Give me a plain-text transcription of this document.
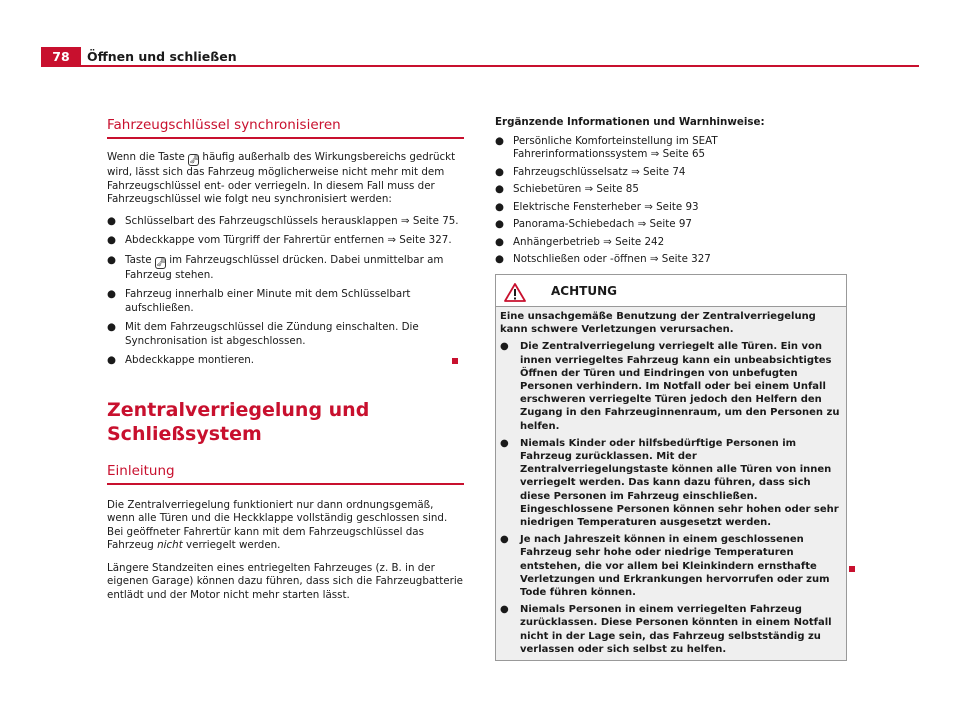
78	Öffnen und schließen
Fahrzeugschlüssel synchronisieren

Wenn die Taste 🗝 häufig außerhalb des Wirkungsbereichs gedrückt wird, lässt sich das Fahrzeug möglicherweise nicht mehr mit dem Fahrzeugschlüssel ent- oder verriegeln. In diesem Fall muss der Fahrzeugschlüssel wie folgt neu synchronisiert werden:

● Schlüsselbart des Fahrzeugschlüssels herausklappen ⇒ Seite 75.
● Abdeckkappe vom Türgriff der Fahrertür entfernen ⇒ Seite 327.
● Taste 🗝 im Fahrzeugschlüssel drücken. Dabei unmittelbar am Fahrzeug stehen.
● Fahrzeug innerhalb einer Minute mit dem Schlüsselbart aufschließen.
● Mit dem Fahrzeugschlüssel die Zündung einschalten. Die Synchronisation ist abgeschlossen.
● Abdeckkappe montieren.
Zentralverriegelung und Schließsystem
Einleitung

Die Zentralverriegelung funktioniert nur dann ordnungsgemäß, wenn alle Türen und die Heckklappe vollständig geschlossen sind. Bei geöffneter Fahrertür kann mit dem Fahrzeugschlüssel das Fahrzeug nicht verriegelt werden.

Längere Standzeiten eines entriegelten Fahrzeuges (z. B. in der eigenen Garage) können dazu führen, dass sich die Fahrzeugbatterie entlädt und der Motor nicht mehr starten lässt.

Ergänzende Informationen und Warnhinweise:
● Persönliche Komforteinstellung im SEAT Fahrerinformationssystem ⇒ Seite 65
● Fahrzeugschlüsselsatz ⇒ Seite 74
● Schiebetüren ⇒ Seite 85
● Elektrische Fensterheber ⇒ Seite 93
● Panorama-Schiebedach ⇒ Seite 97
● Anhängerbetrieb ⇒ Seite 242
● Notschließen oder -öffnen ⇒ Seite 327
ACHTUNG

Eine unsachgemäße Benutzung der Zentralverriegelung kann schwere Verletzungen verursachen.

● Die Zentralverriegelung verriegelt alle Türen. Ein von innen verriegeltes Fahrzeug kann ein unbeabsichtigtes Öffnen der Türen und Eindringen von unbefugten Personen verhindern. Im Notfall oder bei einem Unfall erschweren verriegelte Türen jedoch den Helfern den Zugang in den Fahrzeuginnenraum, um den Personen zu helfen.
● Niemals Kinder oder hilfsbedürftige Personen im Fahrzeug zurücklassen. Mit der Zentralverriegelungstaste können alle Türen von innen verriegelt werden. Das kann dazu führen, dass sich diese Personen im Fahrzeug einschließen. Eingeschlossene Personen können sehr hohen oder sehr niedrigen Temperaturen ausgesetzt werden.
● Je nach Jahreszeit können in einem geschlossenen Fahrzeug sehr hohe oder niedrige Temperaturen entstehen, die vor allem bei Kleinkindern ernsthafte Verletzungen und Erkrankungen hervorrufen oder zum Tode führen können.
● Niemals Personen in einem verriegelten Fahrzeug zurücklassen. Diese Personen könnten in einem Notfall nicht in der Lage sein, das Fahrzeug selbstständig zu verlassen oder sich selbst zu helfen.
